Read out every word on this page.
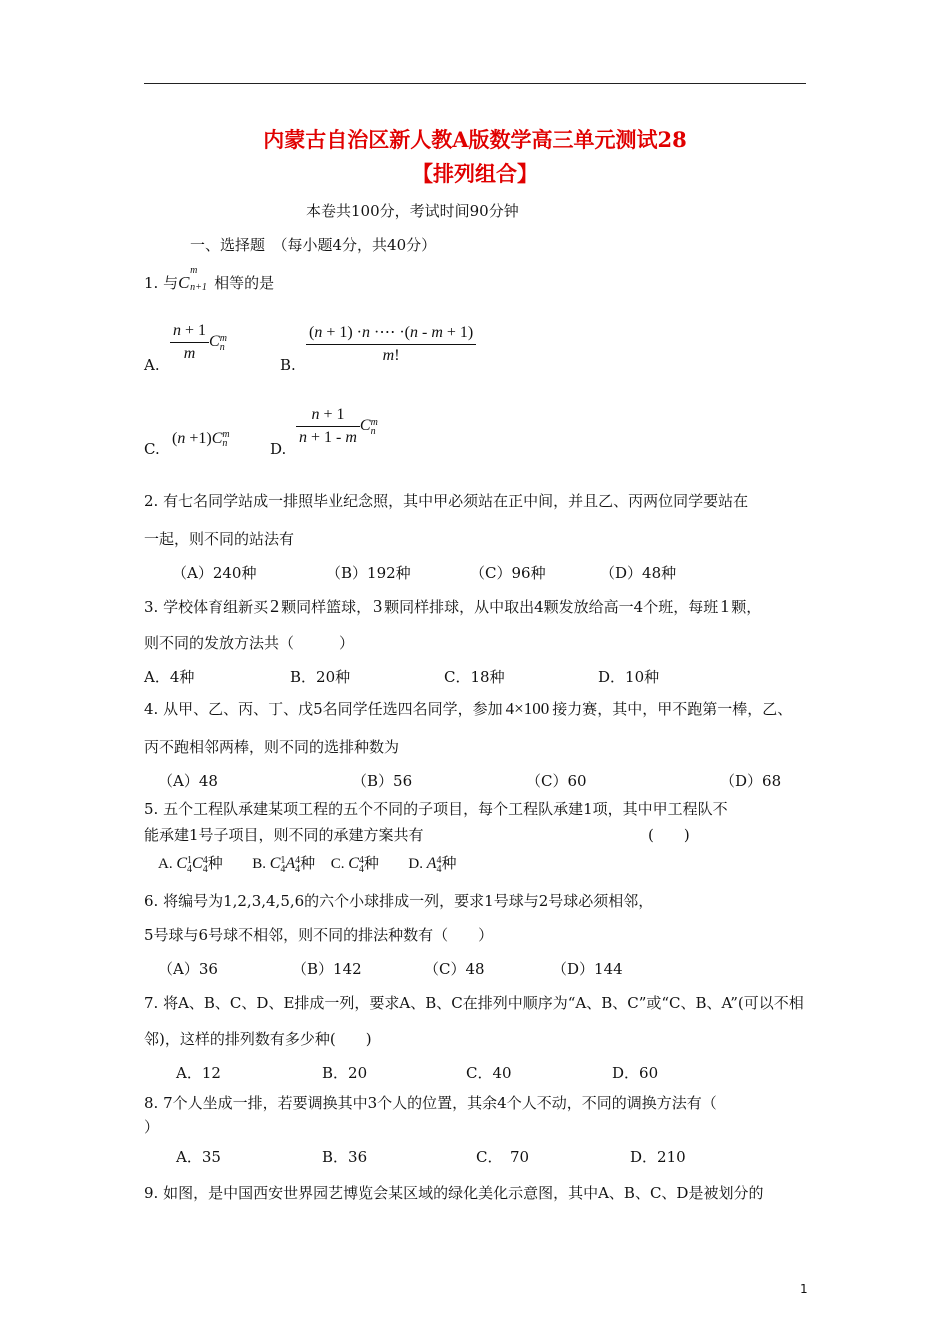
内蒙古自治区新人教A版数学高三单元测试28
【排列组合】
本卷共100分，考试时间90分钟
一、选择题　（每小题4分，共40分）
1. 与C
m
n+1 相等的是
A.
$\frac{n + 1}{m}$ C m
n
B. $\frac{(n + 1) \cdot n \cdot\cdots \cdot(n - m + 1)}{m!}$
C.
(n +1)C m
n	D.
$\frac{n + 1}{n + 1 - m}$ C m
n
2. 有七名同学站成一排照毕业纪念照，其中甲必须站在正中间，并且乙、丙两位同学要站在
一起，则不同的站法有
（A）240种	（B）192种	（C）96种	（D）48种
3. 学校体育组新买 2 颗同样篮球， 3 颗同样排球，从中取出4颗发放给高一4个班，每班 1 颗，
则不同的发放方法共（　　　）
A．4种	B．20种	C．18种	D．10种
4. 从甲、乙、丙、丁、戊5名同学任选四名同学，参加 4×100 接力赛，其中，甲不跑第一棒，乙、
丙不跑相邻两棒，则不同的选排种数为
（A）48	（B）56	（C）60	（D）68
5. 五个工程队承建某项工程的五个不同的子项目，每个工程队承建1项，其中甲工程队不
能承建1号子项目，则不同的承建方案共有	(　　)
A. C 1
4 C 4
4 种 B. C 1
4 A 4
4 种 C. C 4
4 种 D. A 4
4 种
6. 将编号为1,2,3,4,5,6的六个小球排成一列，要求1号球与2号球必须相邻，
5号球与6号球不相邻，则不同的排法种数有（　　）
（A）36	（B）142	（C）48	（D）144
7. 将A、B、C、D、E排成一列，要求A、B、C在排列中顺序为“A、B、C”或“C、B、A”(可以不相
邻)，这样的排列数有多少种(　　)
A．12	B．20	C．40	D．60
8. 7个人坐成一排，若要调换其中3个人的位置，其余4个人不动，不同的调换方法有（
）
A．35	B．36	C．　70	D．210
9. 如图，是中国西安世界园艺博览会某区域的绿化美化示意图，其中A、B、C、D是被划分的
1
